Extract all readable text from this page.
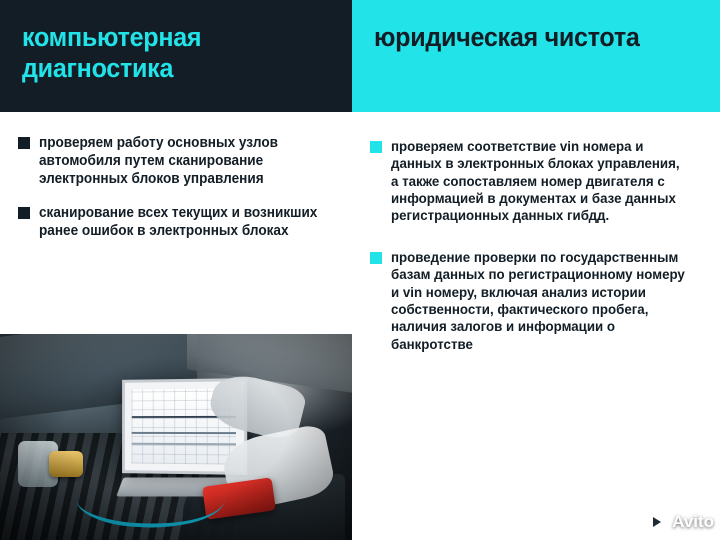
компьютерная диагностика
проверяем работу основных узлов автомобиля путем сканирование электронных блоков управления
сканирование всех текущих и возникших ранее ошибок в электронных блоках
юридическая чистота
проверяем соответствие vin номера и данных в электронных блоках управления, а также сопоставляем номер двигателя с информацией в документах и базе данных регистрационных данных гибдд.
проведение проверки по государственным базам данных по регистрационному номеру и vin номеру, включая анализ истории собственности, фактического пробега, наличия залогов и информации о банкротстве
Avito
